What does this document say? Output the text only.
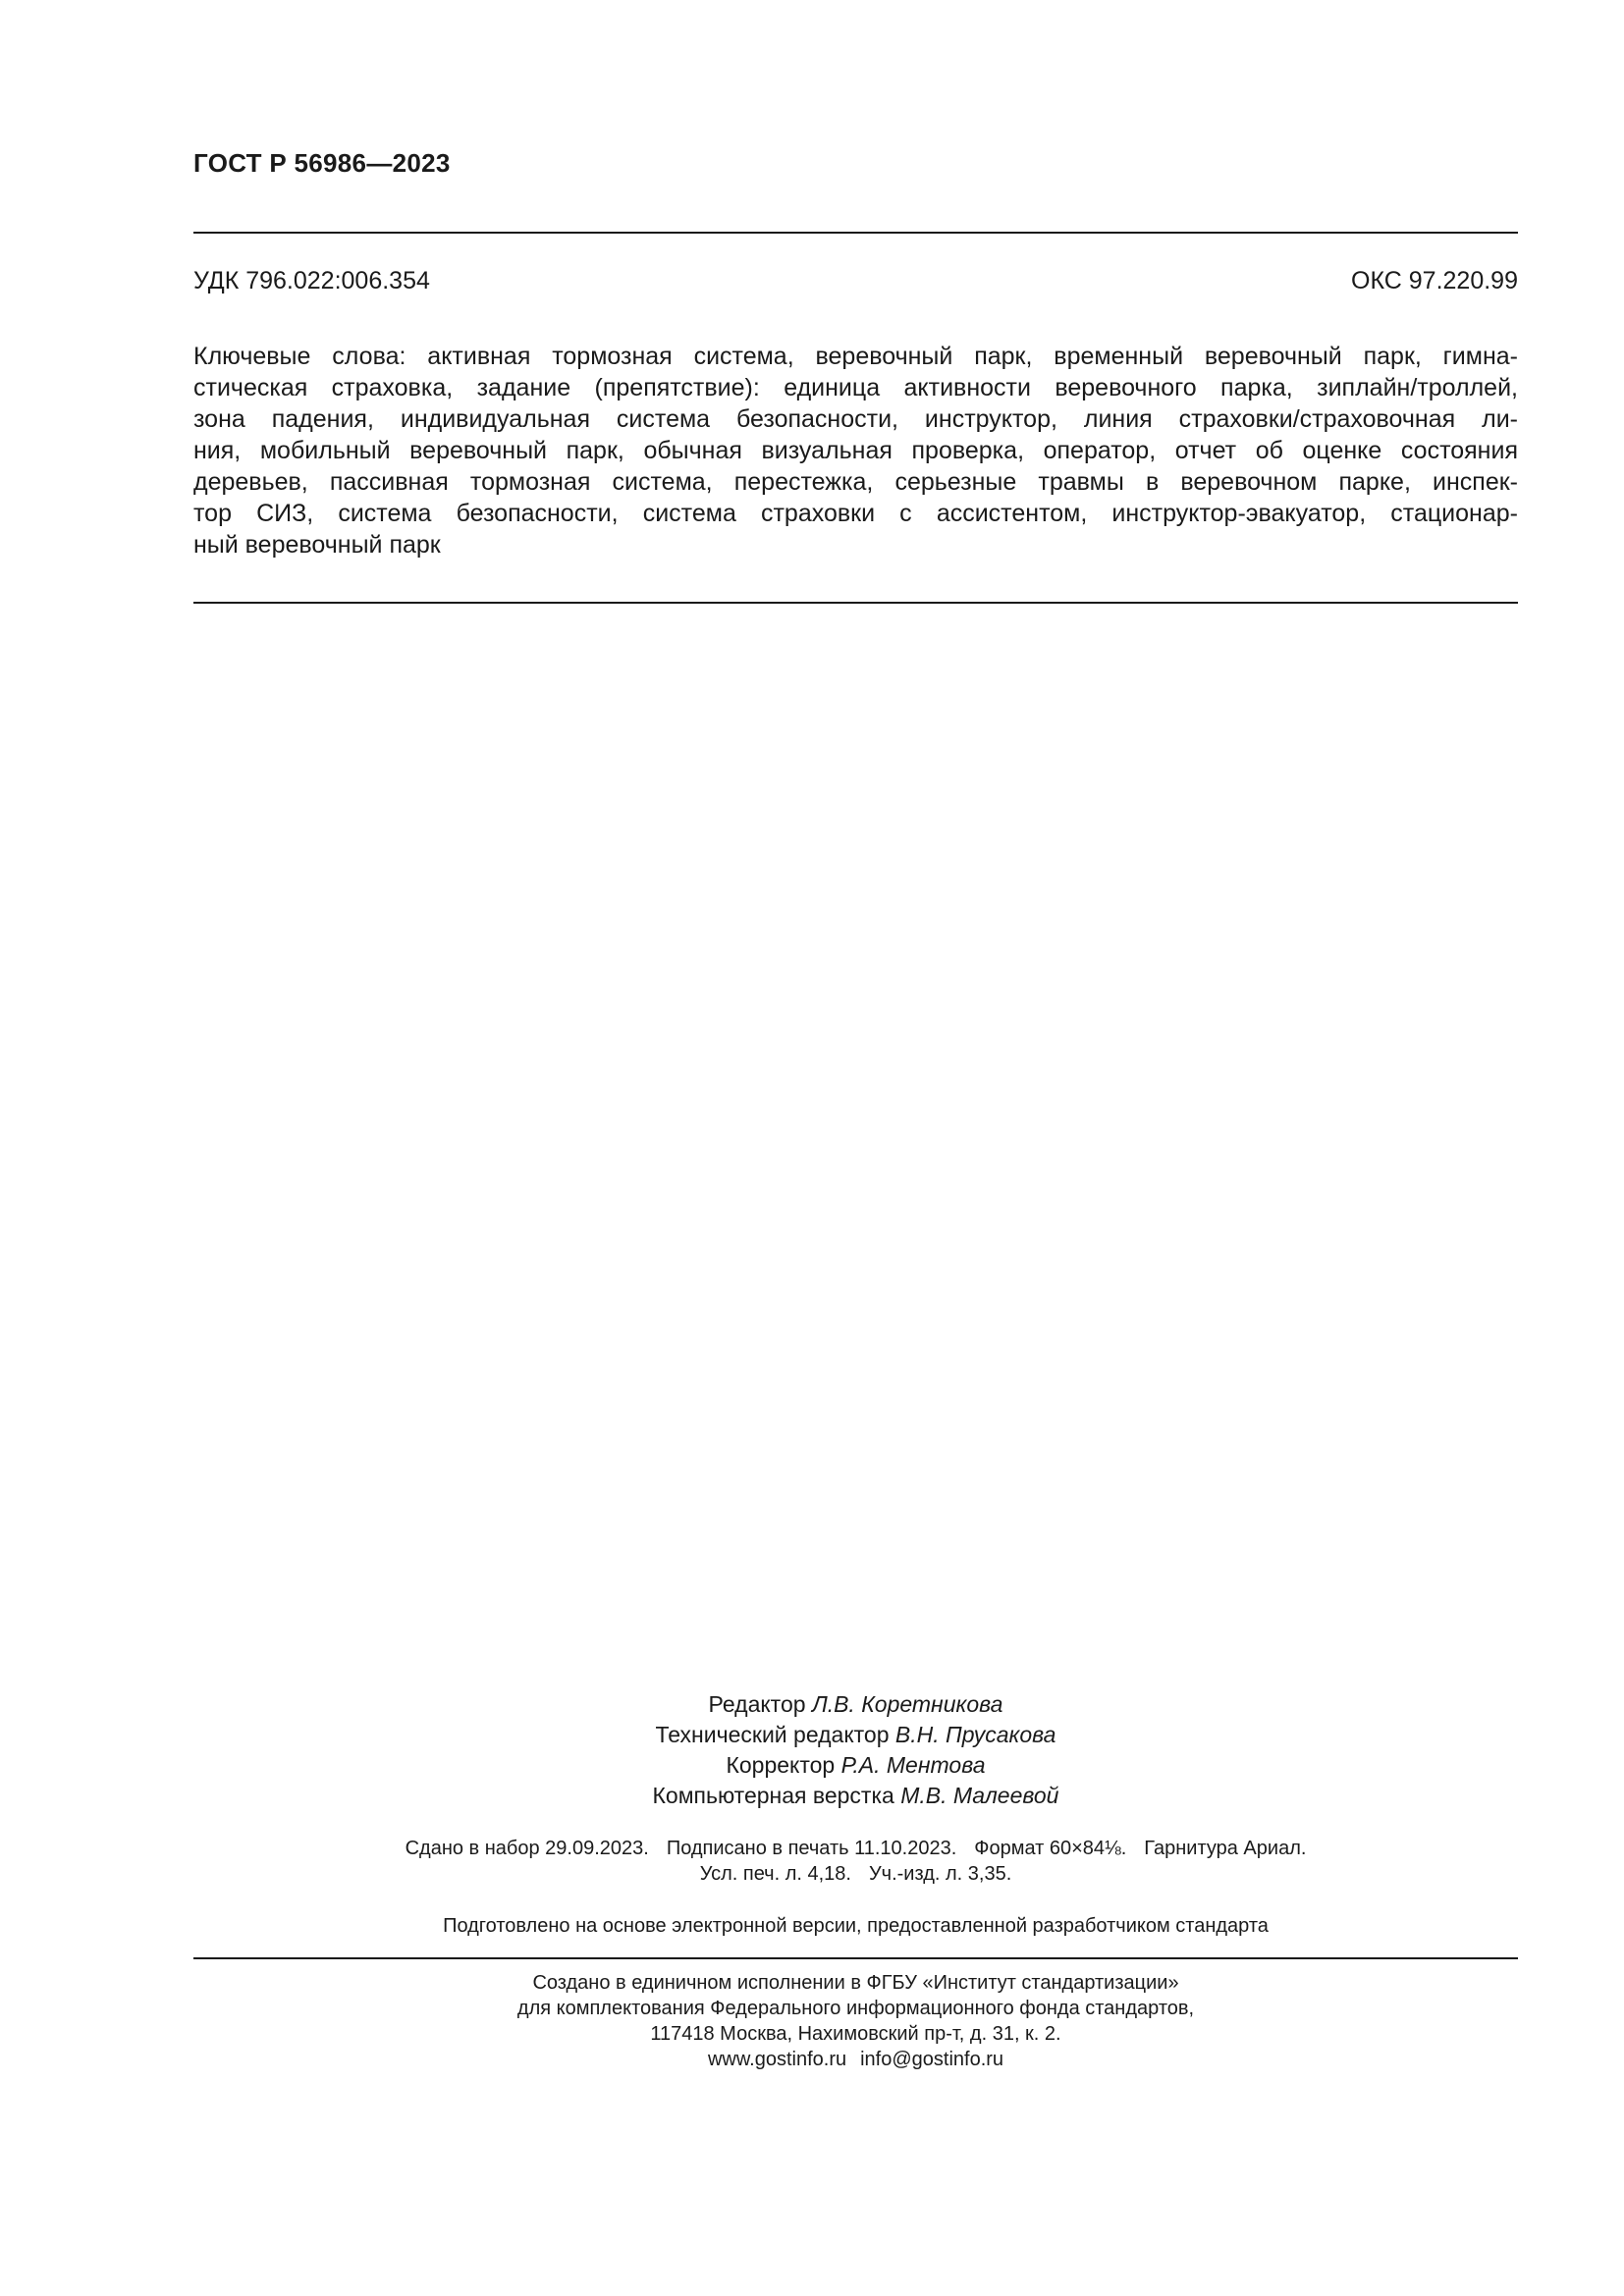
ГОСТ Р 56986—2023
УДК 796.022:006.354	ОКС 97.220.99
Ключевые слова: активная тормозная система, веревочный парк, временный веревочный парк, гимна-
стическая страховка, задание (препятствие): единица активности веревочного парка, зиплайн/троллей,
зона падения, индивидуальная система безопасности, инструктор, линия страховки/страховочная ли-
ния, мобильный веревочный парк, обычная визуальная проверка, оператор, отчет об оценке состояния
деревьев, пассивная тормозная система, перестежка, серьезные травмы в веревочном парке, инспек-
тор СИЗ, система безопасности, система страховки с ассистентом, инструктор-эвакуатор, стационар-
ный веревочный парк
Редактор Л.В. Коретникова
Технический редактор В.Н. Прусакова
Корректор Р.А. Ментова
Компьютерная верстка М.В. Малеевой
Сдано в набор 29.09.2023. Подписано в печать 11.10.2023. Формат 60×84⅛. Гарнитура Ариал.
Усл. печ. л. 4,18. Уч.-изд. л. 3,35.
Подготовлено на основе электронной версии, предоставленной разработчиком стандарта
Создано в единичном исполнении в ФГБУ «Институт стандартизации»
для комплектования Федерального информационного фонда стандартов,
117418 Москва, Нахимовский пр-т, д. 31, к. 2.
www.gostinfo.ru info@gostinfo.ru
